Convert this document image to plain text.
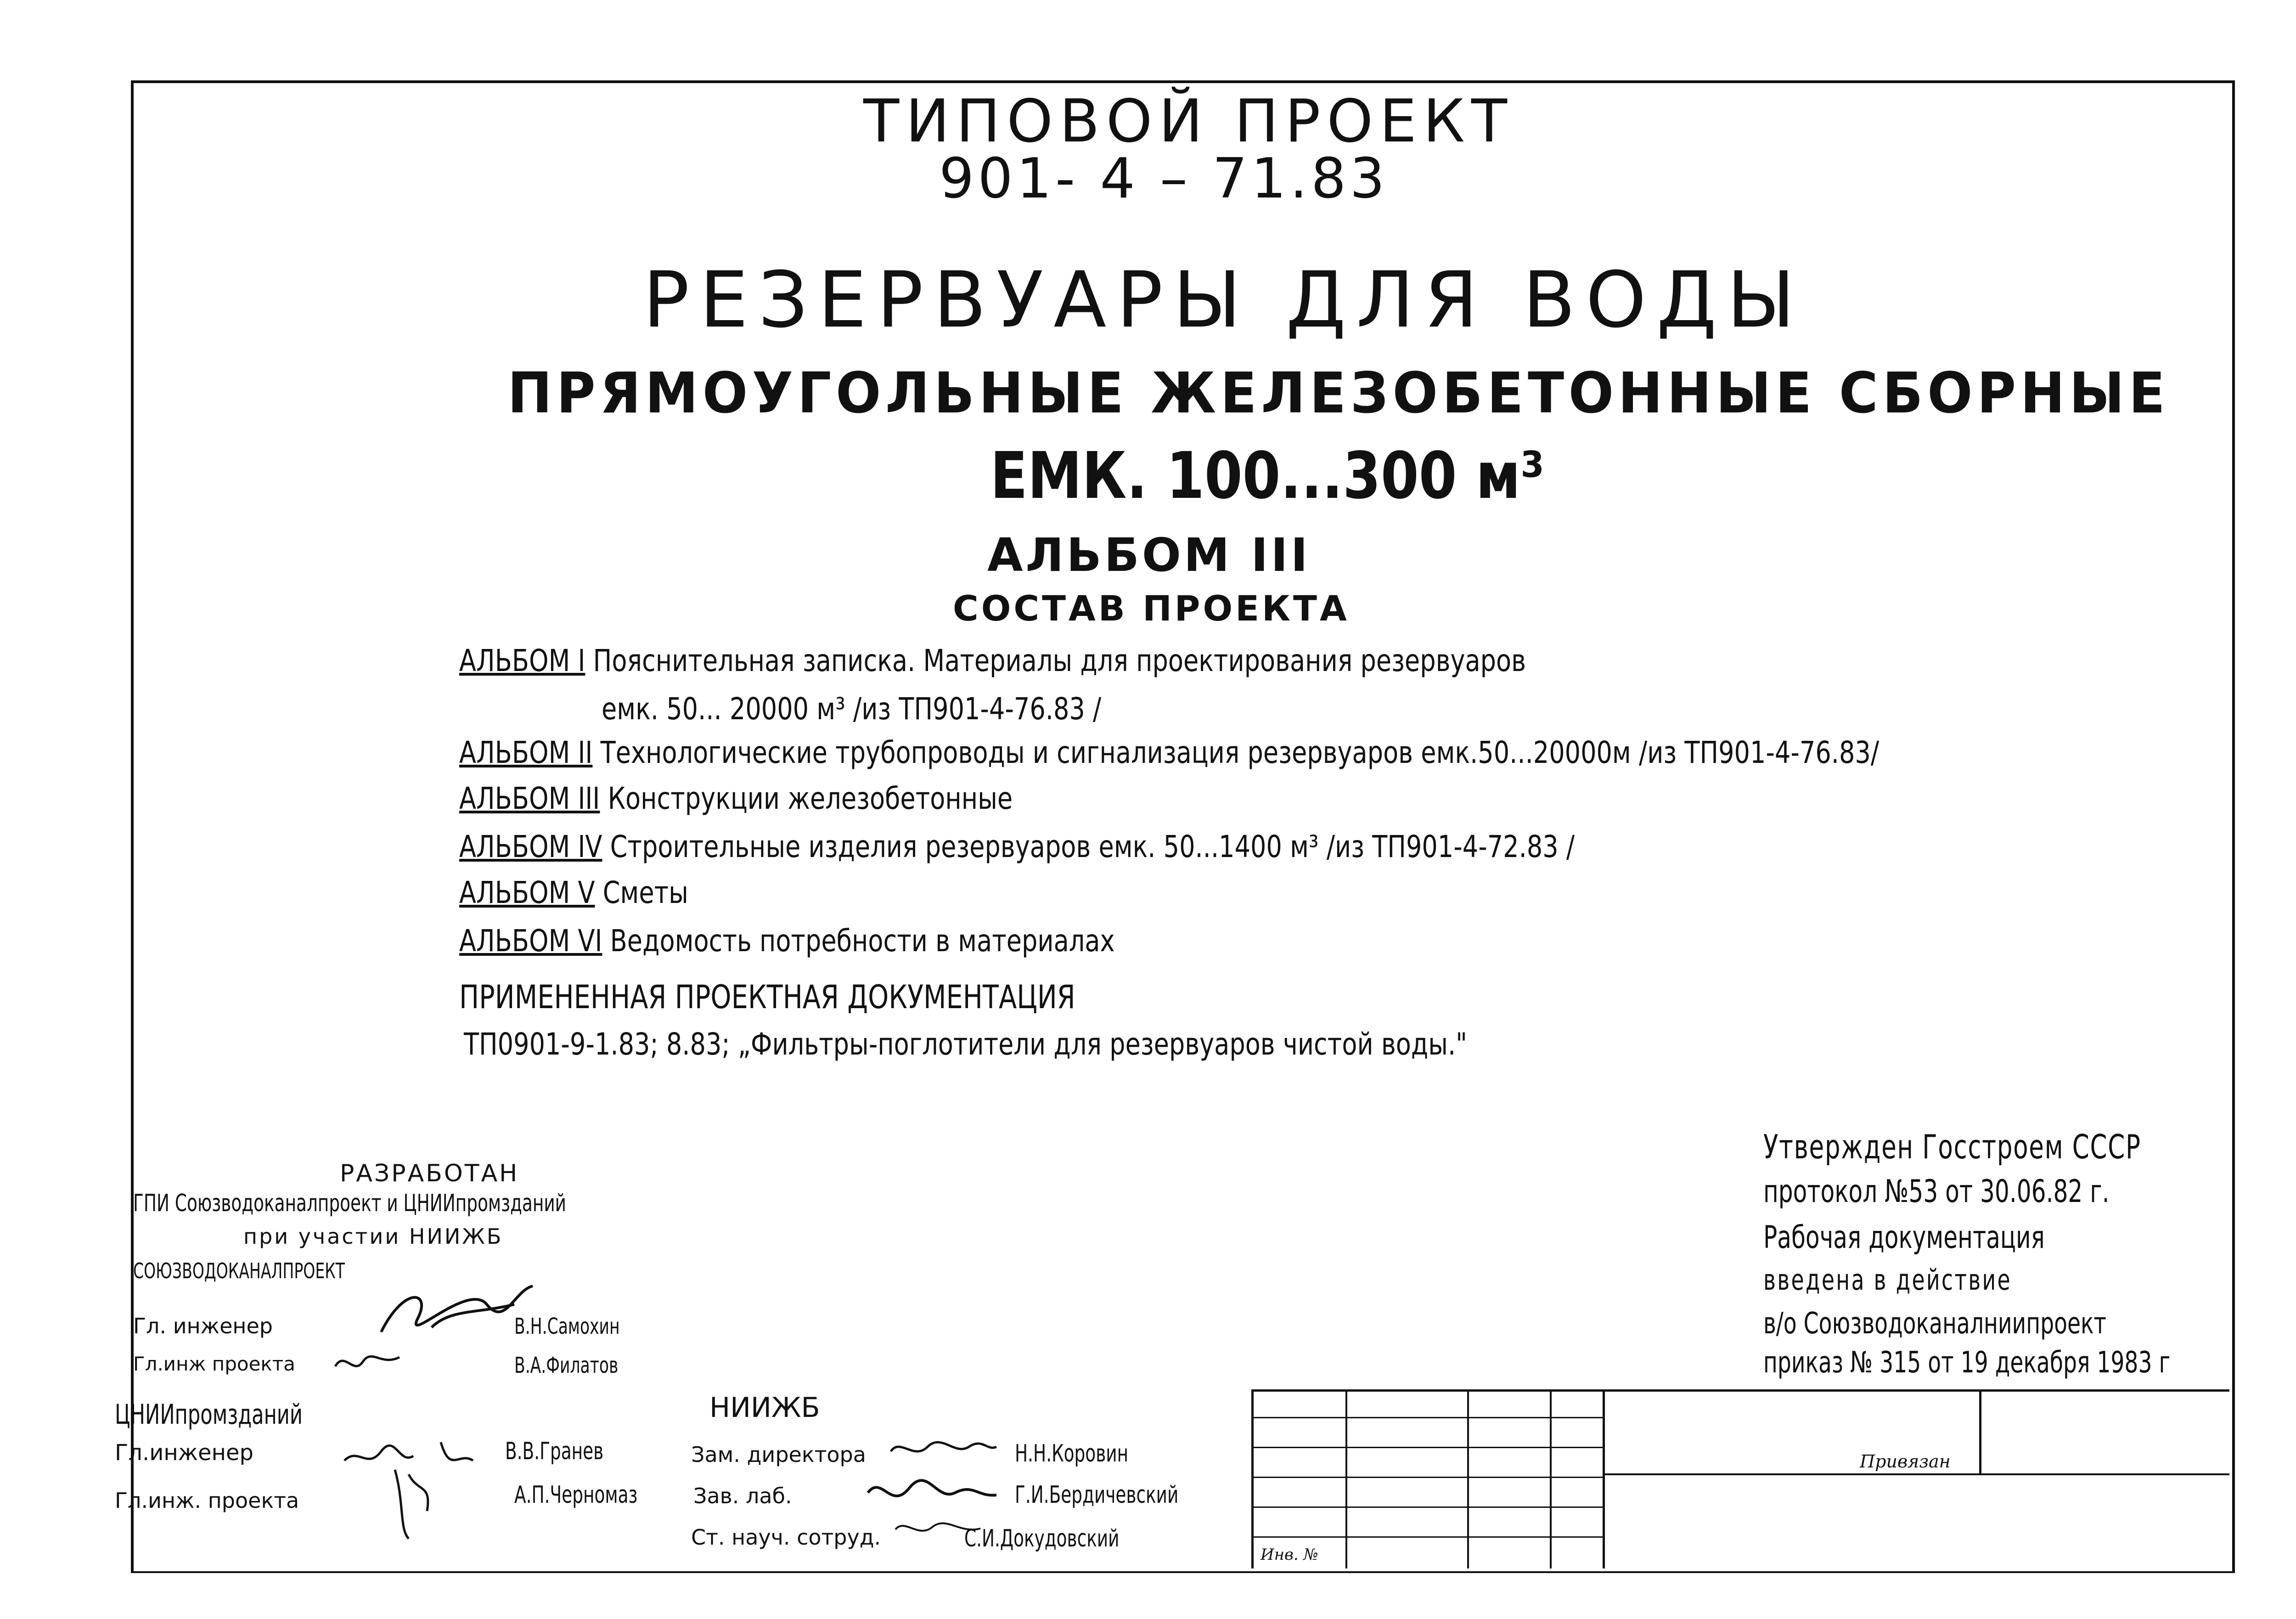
ТИПОВОЙ ПРОЕКТ
901- 4 – 71.83
РЕЗЕРВУАРЫ ДЛЯ ВОДЫ
ПРЯМОУГОЛЬНЫЕ ЖЕЛЕЗОБЕТОННЫЕ СБОРНЫЕ
ЕМК. 100...300 м³
АЛЬБОМ III
СОСТАВ ПРОЕКТА
АЛЬБОМ I Пояснительная записка. Материалы для проектирования резервуаров
емк. 50... 20000 м³ /из ТП901-4-76.83 /
АЛЬБОМ II Технологические трубопроводы и сигнализация резервуаров емк.50...20000м /из ТП901-4-76.83/
АЛЬБОМ III Конструкции железобетонные
АЛЬБОМ IV Строительные изделия резервуаров емк. 50...1400 м³ /из ТП901-4-72.83 /
АЛЬБОМ V Сметы
АЛЬБОМ VI Ведомость потребности в материалах
ПРИМЕНЕННАЯ ПРОЕКТНАЯ ДОКУМЕНТАЦИЯ
ТП0901-9-1.83; 8.83; „Фильтры-поглотители для резервуаров чистой воды."
РАЗРАБОТАН
ГПИ Союзводоканалпроект и ЦНИИпромзданий
при участии НИИЖБ
СОЮЗВОДОКАНАЛПРОЕКТ
Гл. инженер	В.Н.Самохин
Гл.инж проекта	В.А.Филатов
ЦНИИпромзданий
Гл.инженер	В.В.Гранев
Гл.инж. проекта	А.П.Черномаз
НИИЖБ
Зам. директора	Н.Н.Коровин
Зав. лаб.	Г.И.Бердичевский
Ст. науч. сотруд.	С.И.Докудовский
Утвержден Госстроем СССР
протокол №53 от 30.06.82 г.
Рабочая документация
введена в действие
в/о Союзводоканалниипроект
приказ № 315 от 19 декабря 1983 г
Привязан
Инв. №
